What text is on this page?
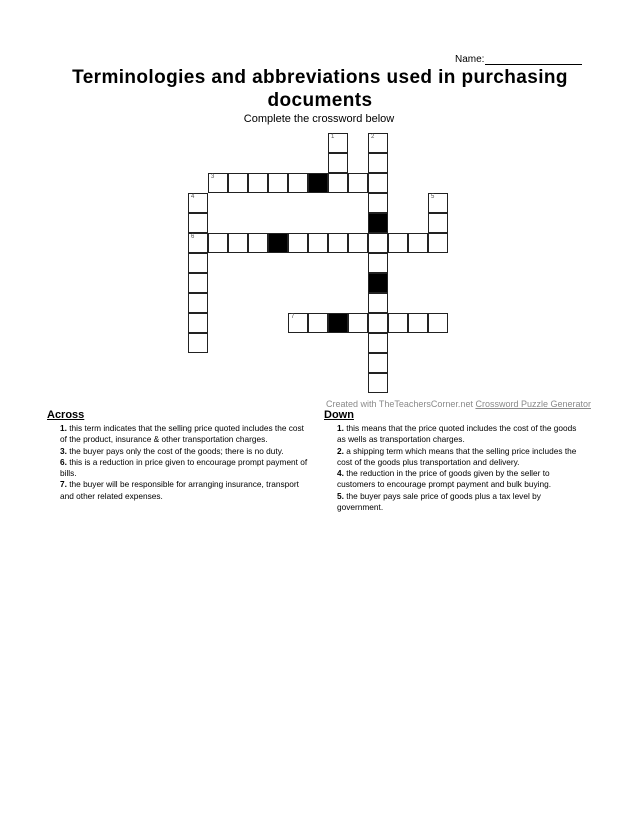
Name:
Terminologies and abbreviations used in purchasing documents
Complete the crossword below
2
1
3
4
6
5
7
Created with TheTeachersCorner.net Crossword Puzzle Generator
Across
1. this term indicates that the selling price quoted includes the cost of the product, insurance & other transportation charges.
3. the buyer pays only the cost of the goods; there is no duty.
6. this is a reduction in price given to encourage prompt payment of bills.
7. the buyer will be responsible for arranging insurance, transport and other related expenses.
Down
1. this means that the price quoted includes the cost of the goods as wells as transportation charges.
2. a shipping term which means that the selling price includes the cost of the goods plus transportation and delivery.
4. the reduction in the price of goods given by the seller to customers to encourage prompt payment and bulk buying.
5. the buyer pays sale price of goods plus a tax level by government.
